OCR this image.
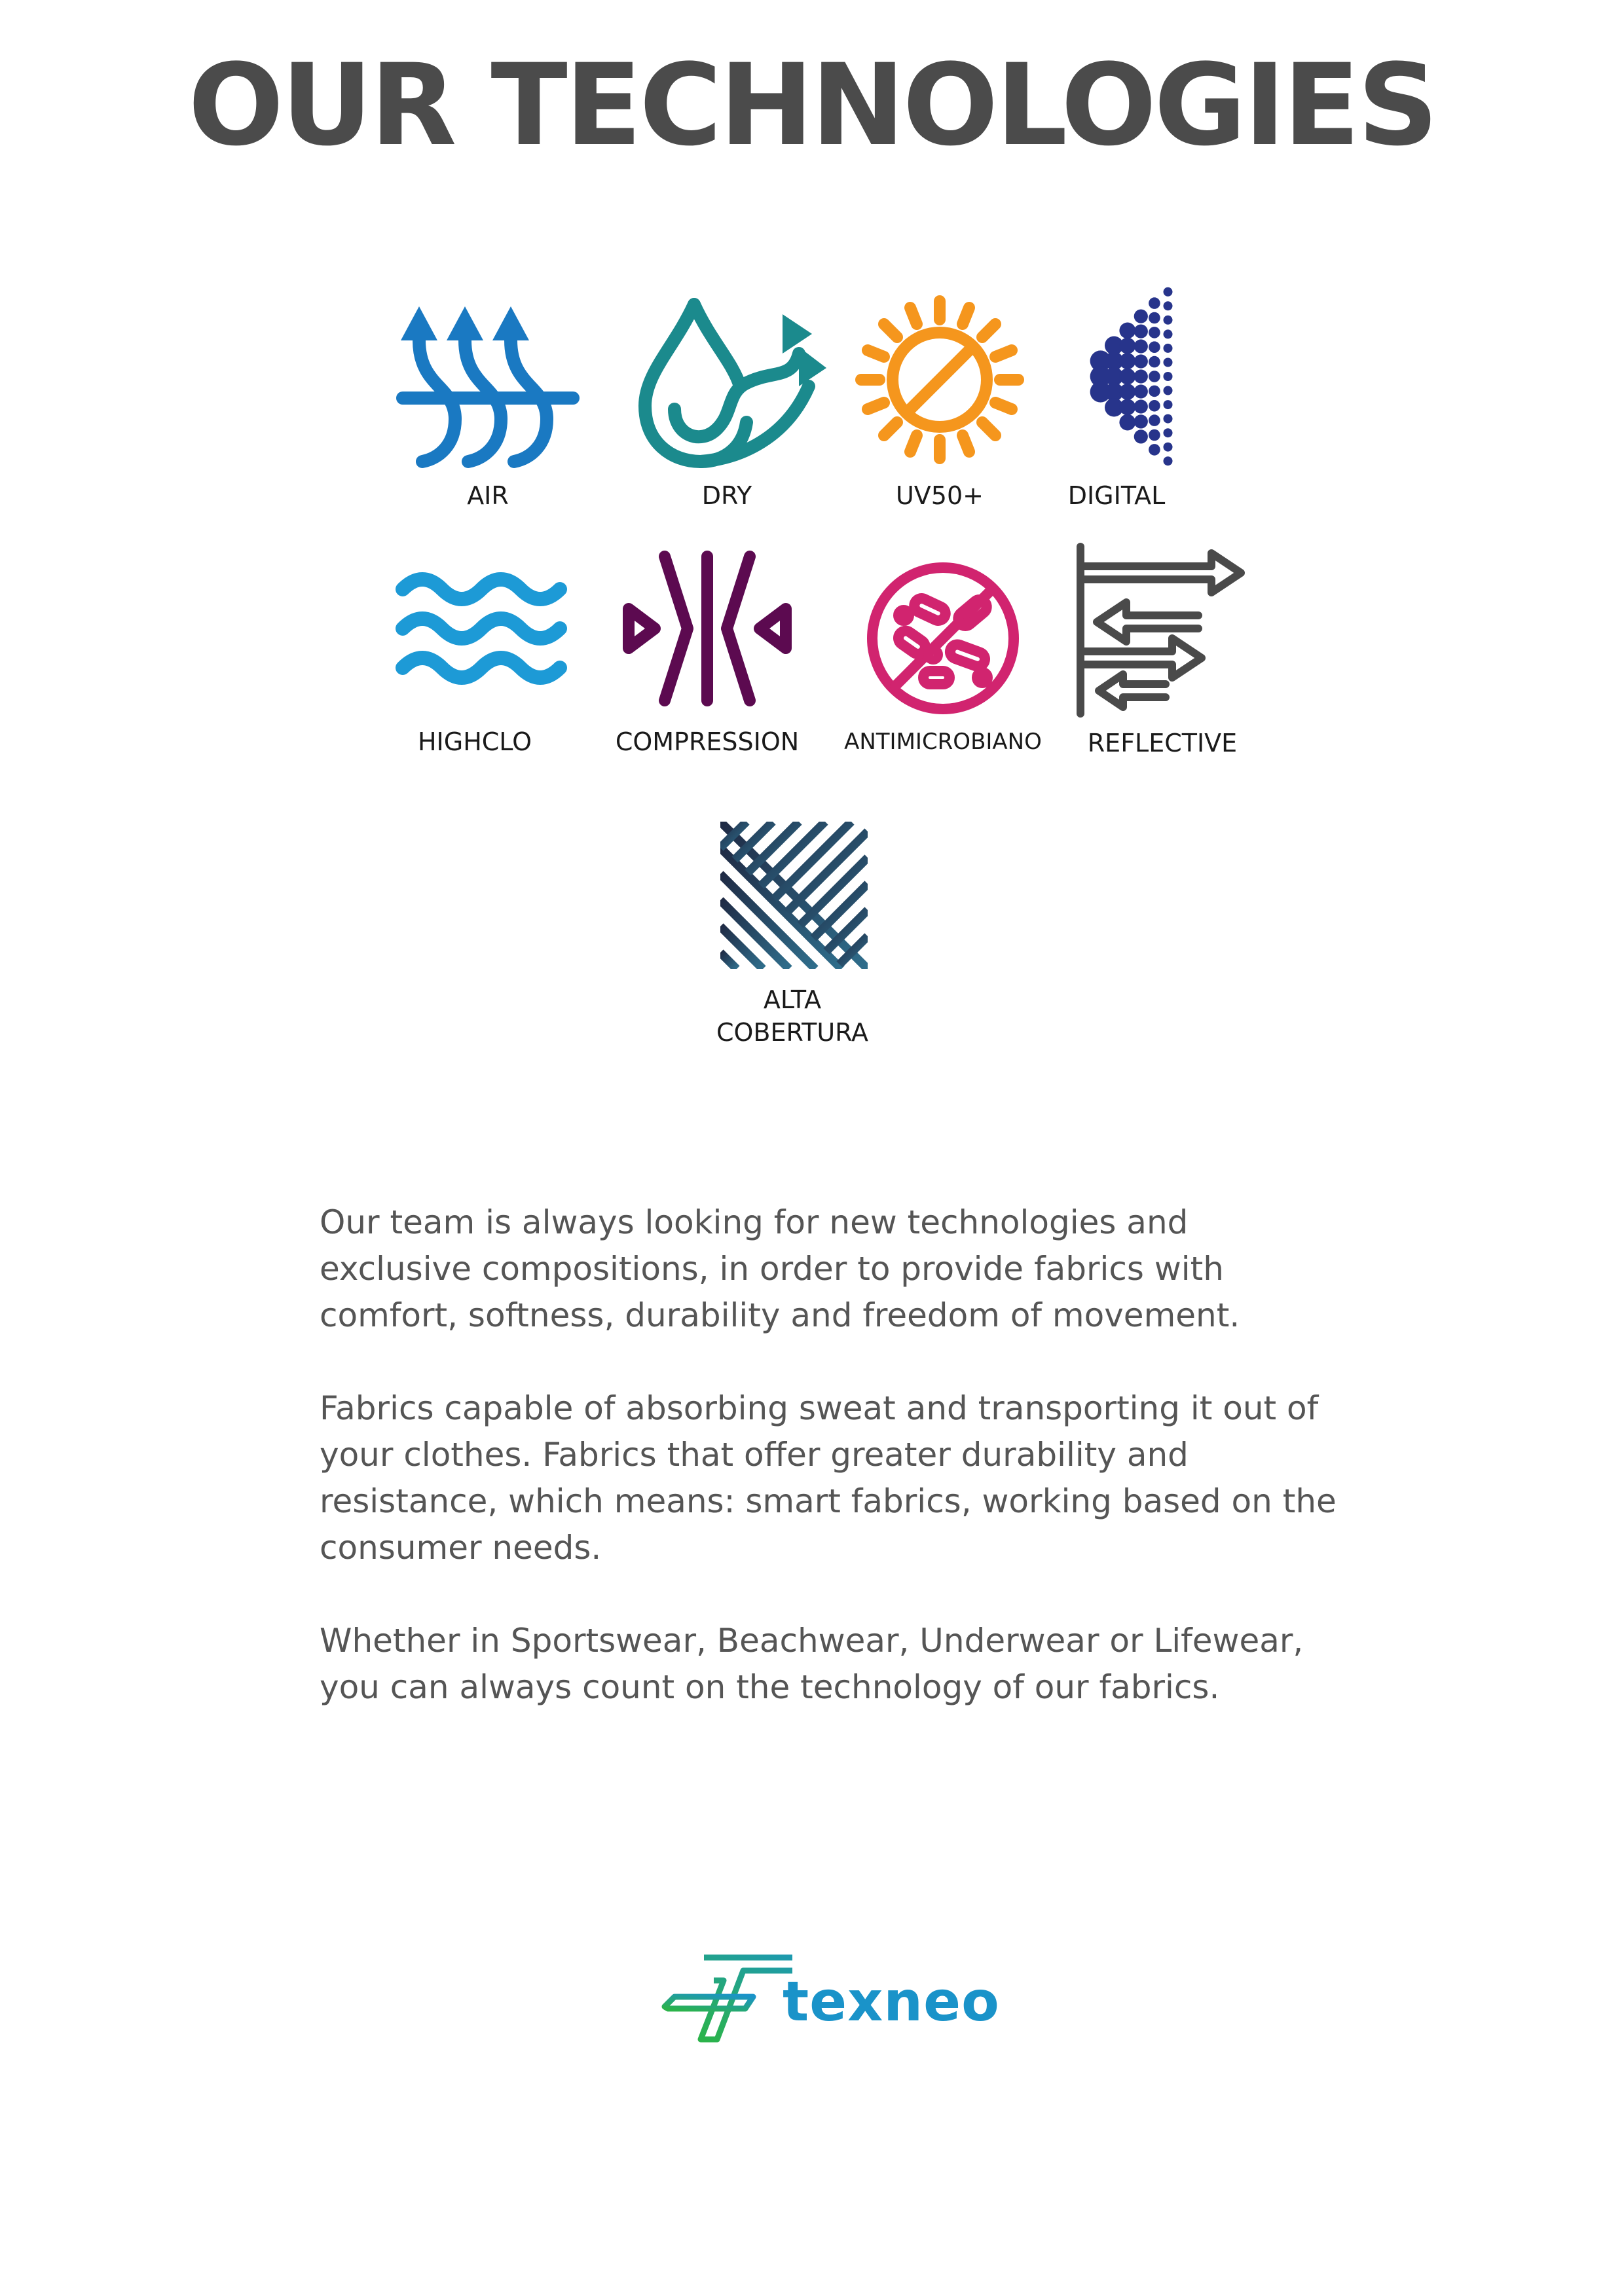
OUR TECHNOLOGIES
AIR	DRY	UV50+	DIGITAL
HIGHCLO	COMPRESSION	ANTIMICROBIANO	REFLECTIVE
ALTA
COBERTURA

Our team is always looking for new technologies and exclusive compositions, in order to provide fabrics with comfort, softness, durability and freedom of movement.

Fabrics capable of absorbing sweat and transporting it out of your clothes. Fabrics that offer greater durability and resistance, which means: smart fabrics, working based on the consumer needs.

Whether in Sportswear, Beachwear, Underwear or Lifewear, you can always count on the technology of our fabrics.

texneo
